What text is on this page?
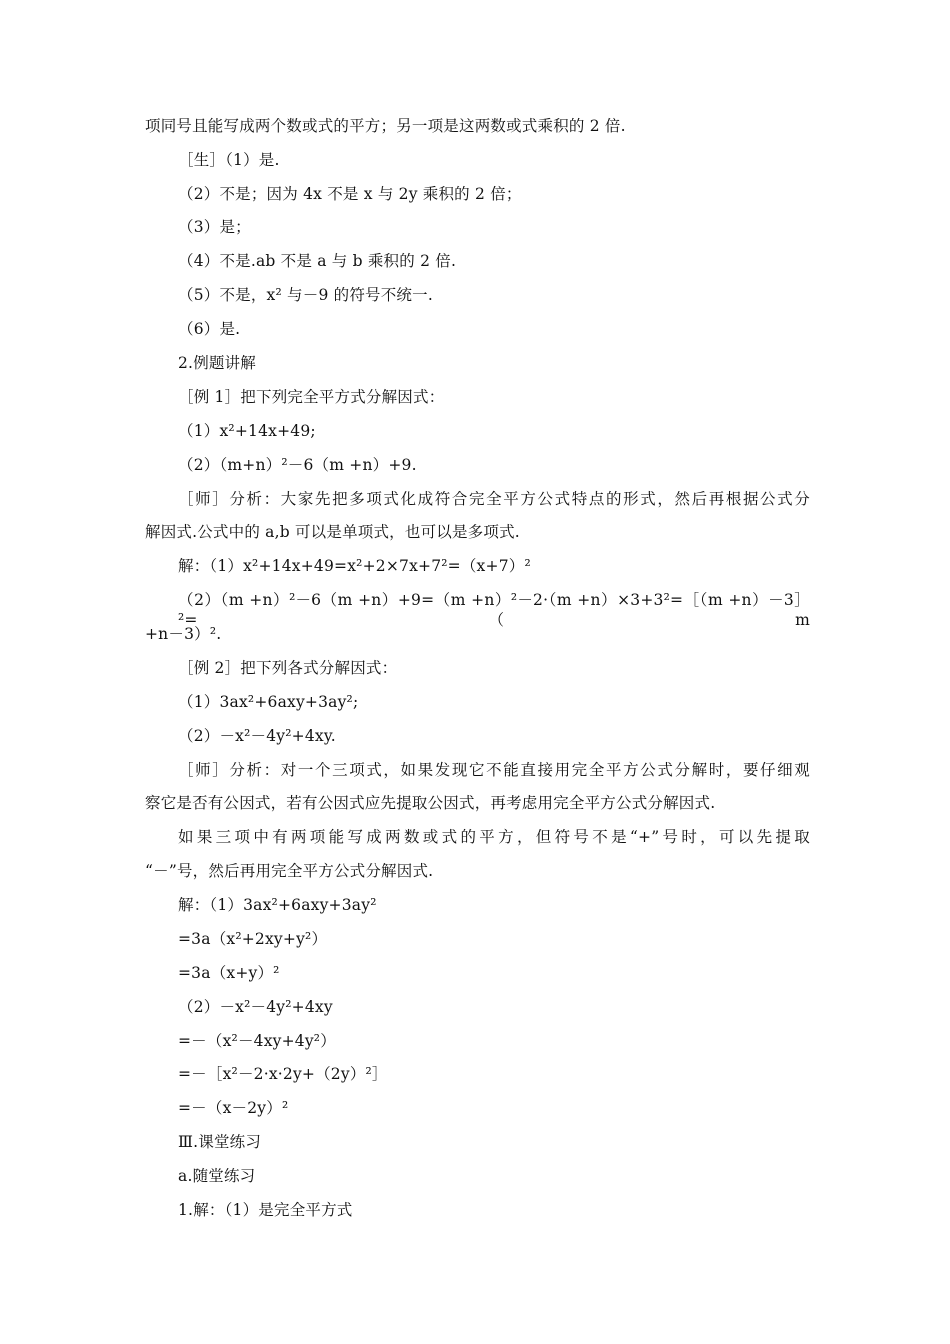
项同号且能写成两个数或式的平方；另一项是这两数或式乘积的 2 倍.
［生］（1）是.
（2）不是；因为 4x 不是 x 与 2y 乘积的 2 倍；
（3）是；
（4）不是.ab 不是 a 与 b 乘积的 2 倍.
（5）不是，x² 与－9 的符号不统一.
（6）是.
2.例题讲解
［例 1］把下列完全平方式分解因式：
（1）x²+14x+49;
（2）（m+n）²－6（m +n）+9.
［师］分析：大家先把多项式化成符合完全平方公式特点的形式，然后再根据公式分
解因式.公式中的 a,b 可以是单项式，也可以是多项式.
解：（1）x²+14x+49=x²+2×7x+7²=（x+7）²
（2）（m +n）²－6（m +n）+9=（m +n）²－2·（m +n）×3+3²=［（m +n）－3］²=（m
+n－3）².
［例 2］把下列各式分解因式：
（1）3ax²+6axy+3ay²;
（2）－x²－4y²+4xy.
［师］分析：对一个三项式，如果发现它不能直接用完全平方公式分解时，要仔细观
察它是否有公因式，若有公因式应先提取公因式，再考虑用完全平方公式分解因式.
如果三项中有两项能写成两数或式的平方，但符号不是“+”号时，可以先提取
“－”号，然后再用完全平方公式分解因式.
解：（1）3ax²+6axy+3ay²
=3a（x²+2xy+y²）
=3a（x+y）²
（2）－x²－4y²+4xy
=－（x²－4xy+4y²）
=－［x²－2·x·2y+（2y）²］
=－（x－2y）²
Ⅲ.课堂练习
a.随堂练习
1.解：（1）是完全平方式
